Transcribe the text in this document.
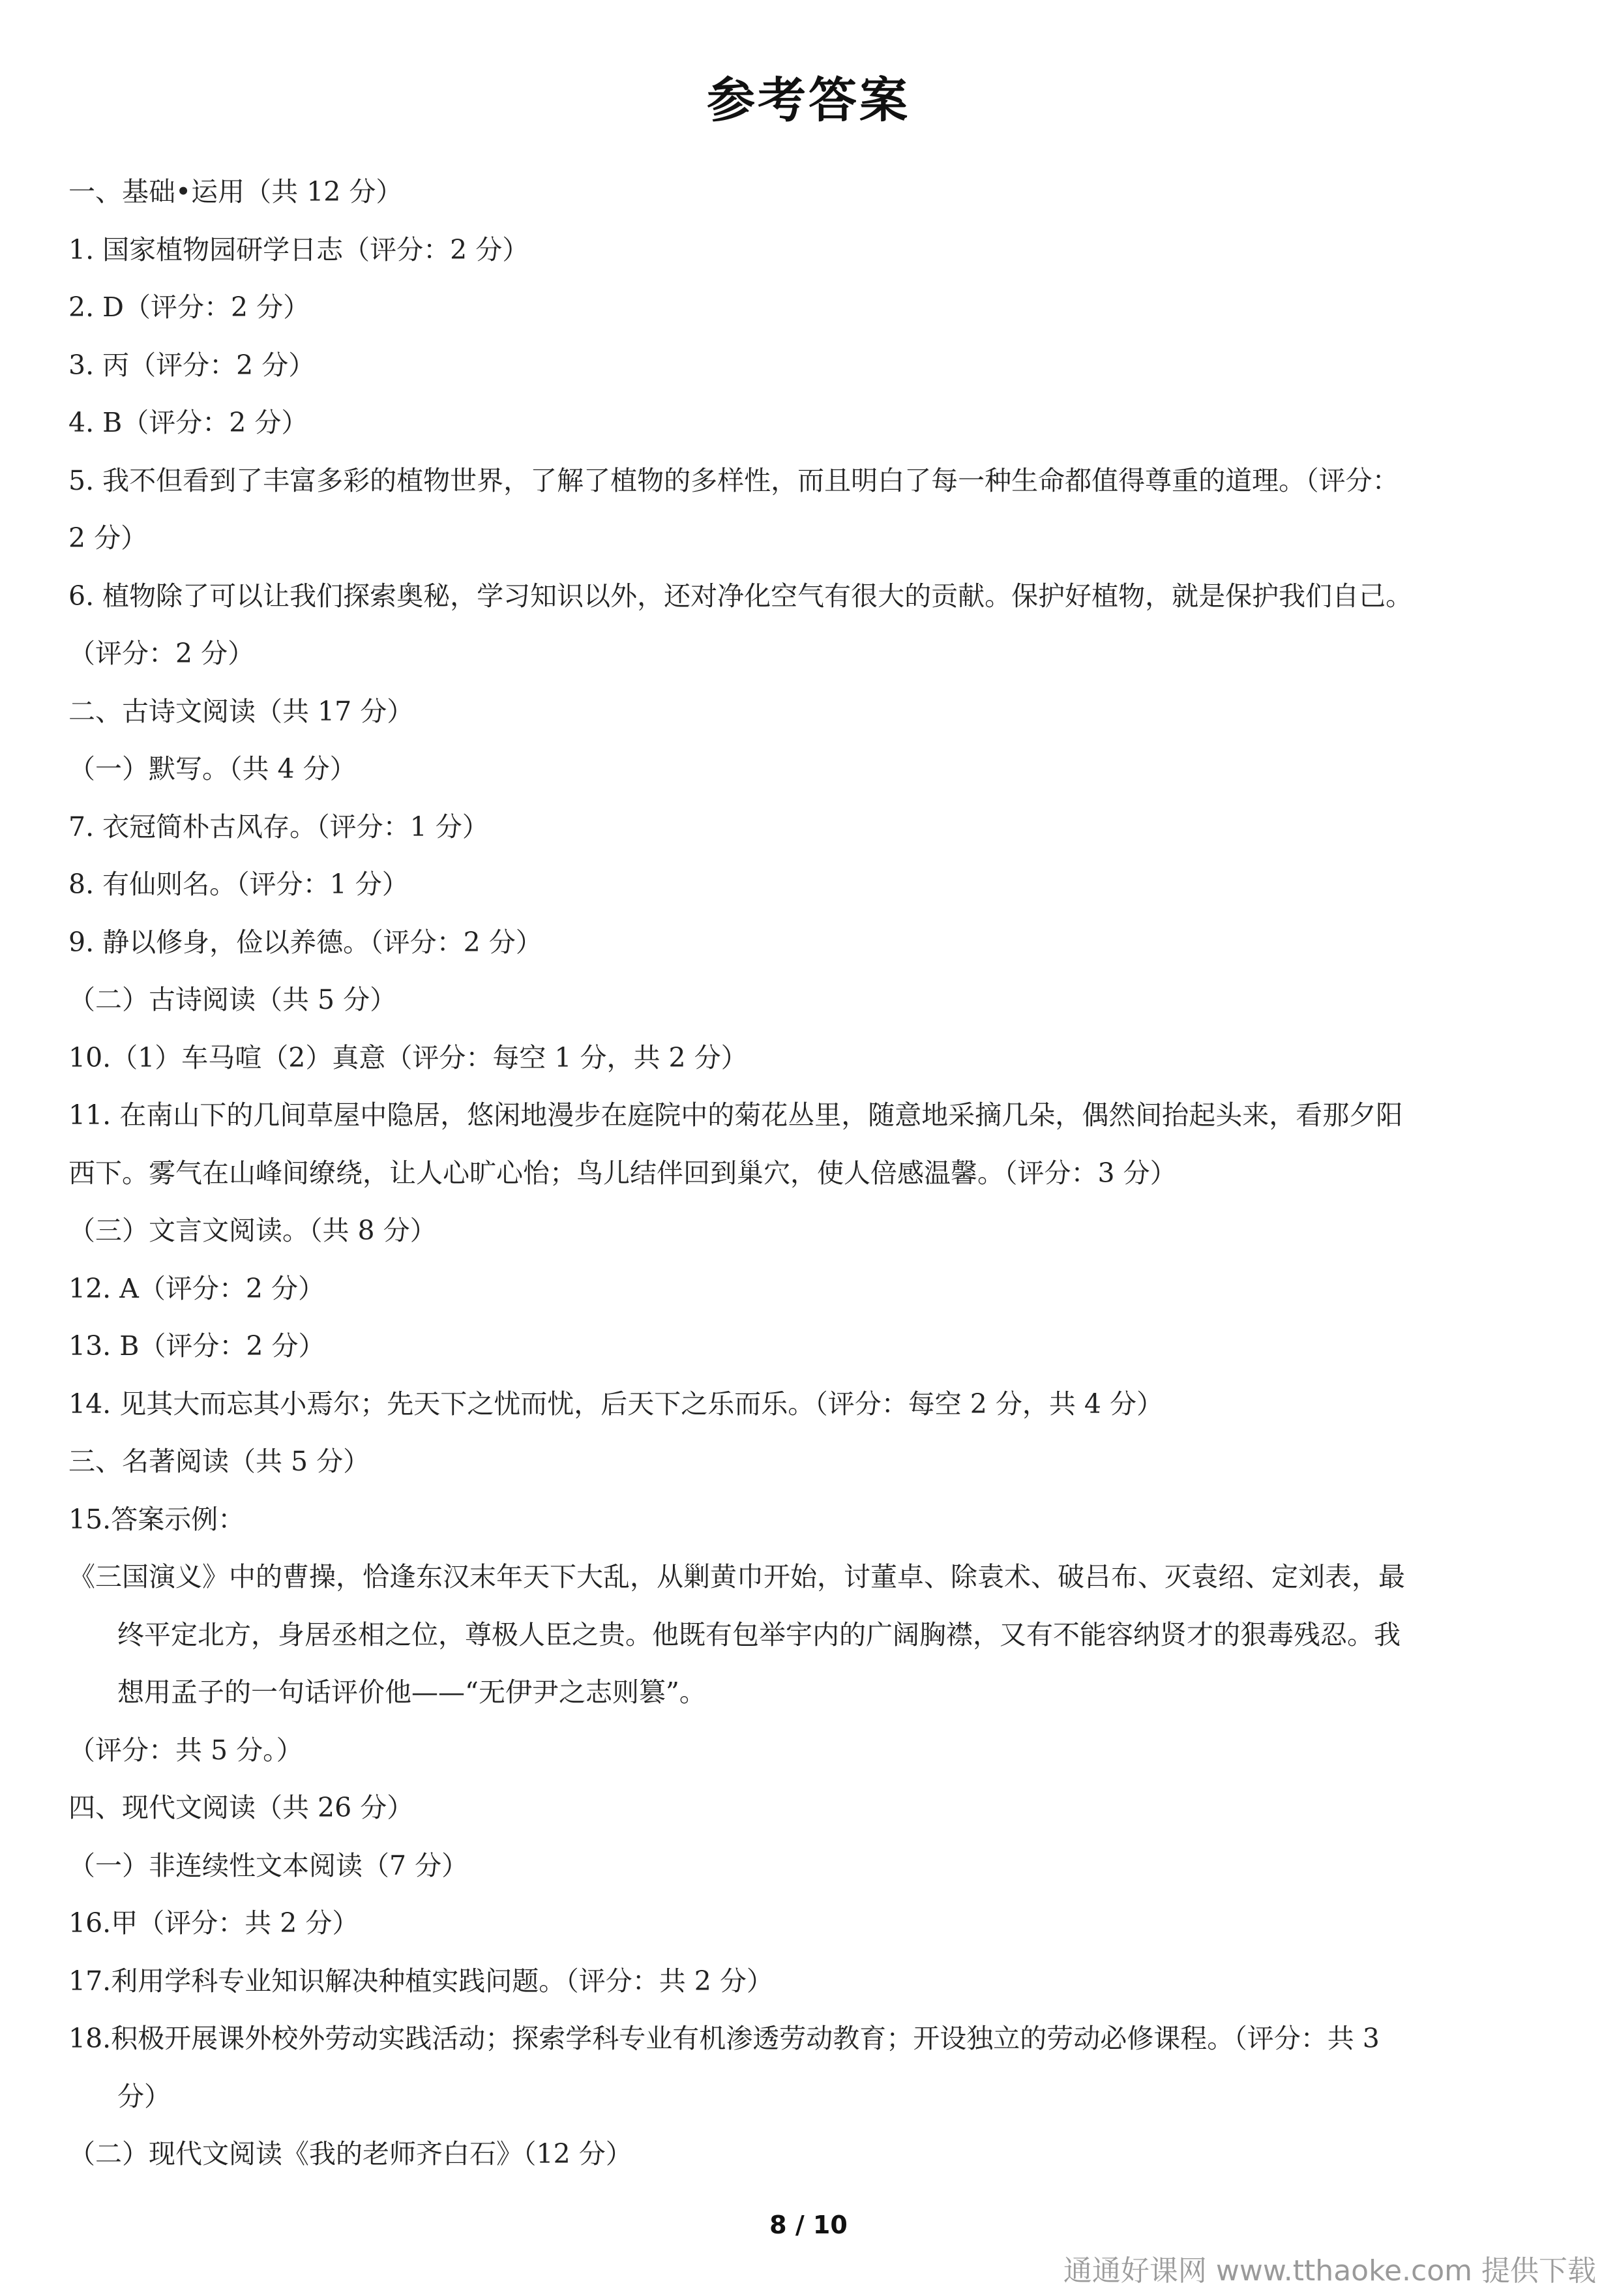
参考答案
一、基础•运用（共 12 分）
1. 国家植物园研学日志（评分：2 分）
2. D（评分：2 分）
3. 丙（评分：2 分）
4. B（评分：2 分）
5. 我不但看到了丰富多彩的植物世界，了解了植物的多样性，而且明白了每一种生命都值得尊重的道理。（评分：
2 分）
6. 植物除了可以让我们探索奥秘，学习知识以外，还对净化空气有很大的贡献。保护好植物，就是保护我们自己。
（评分：2 分）
二、古诗文阅读（共 17 分）
（一）默写。（共 4 分）
7. 衣冠简朴古风存。（评分：1 分）
8. 有仙则名。（评分：1 分）
9. 静以修身，俭以养德。（评分：2 分）
（二）古诗阅读（共 5 分）
10.（1）车马喧（2）真意（评分：每空 1 分，共 2 分）
11. 在南山下的几间草屋中隐居，悠闲地漫步在庭院中的菊花丛里，随意地采摘几朵，偶然间抬起头来，看那夕阳
西下。雾气在山峰间缭绕，让人心旷心怡；鸟儿结伴回到巢穴，使人倍感温馨。（评分：3 分）
（三）文言文阅读。（共 8 分）
12. A（评分：2 分）
13. B（评分：2 分）
14. 见其大而忘其小焉尔；先天下之忧而忧，后天下之乐而乐。（评分：每空 2 分，共 4 分）
三、名著阅读（共 5 分）
15.答案示例：
《三国演义》中的曹操，恰逢东汉末年天下大乱，从剿黄巾开始，讨董卓、除袁术、破吕布、灭袁绍、定刘表，最
终平定北方，身居丞相之位，尊极人臣之贵。他既有包举宇内的广阔胸襟，又有不能容纳贤才的狠毒残忍。我
想用孟子的一句话评价他——“无伊尹之志则篡”。
（评分：共 5 分。）
四、现代文阅读（共 26 分）
（一）非连续性文本阅读（7 分）
16.甲（评分：共 2 分）
17.利用学科专业知识解决种植实践问题。（评分：共 2 分）
18.积极开展课外校外劳动实践活动；探索学科专业有机渗透劳动教育；开设独立的劳动必修课程。（评分：共 3
分）
（二）现代文阅读《我的老师齐白石》（12 分）
8 / 10
通通好课网 www.tthaoke.com 提供下载
